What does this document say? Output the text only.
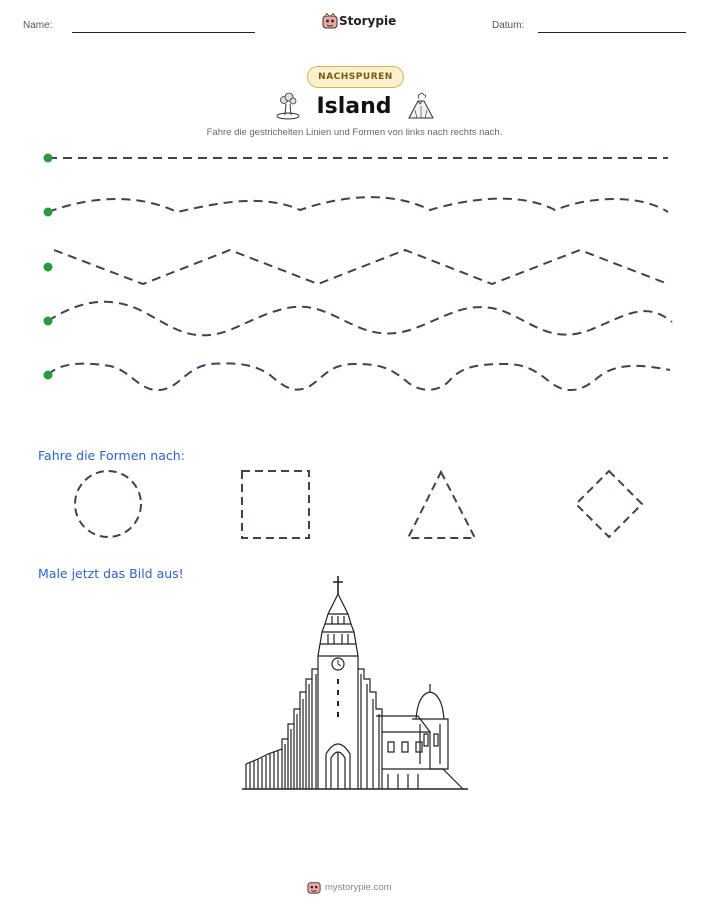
Name:	Storypie	Datum:
NACHSPUREN
Island
Fahre die gestrichelten Linien und Formen von links nach rechts nach.
Fahre die Formen nach:
Male jetzt das Bild aus!
mystorypie.com
